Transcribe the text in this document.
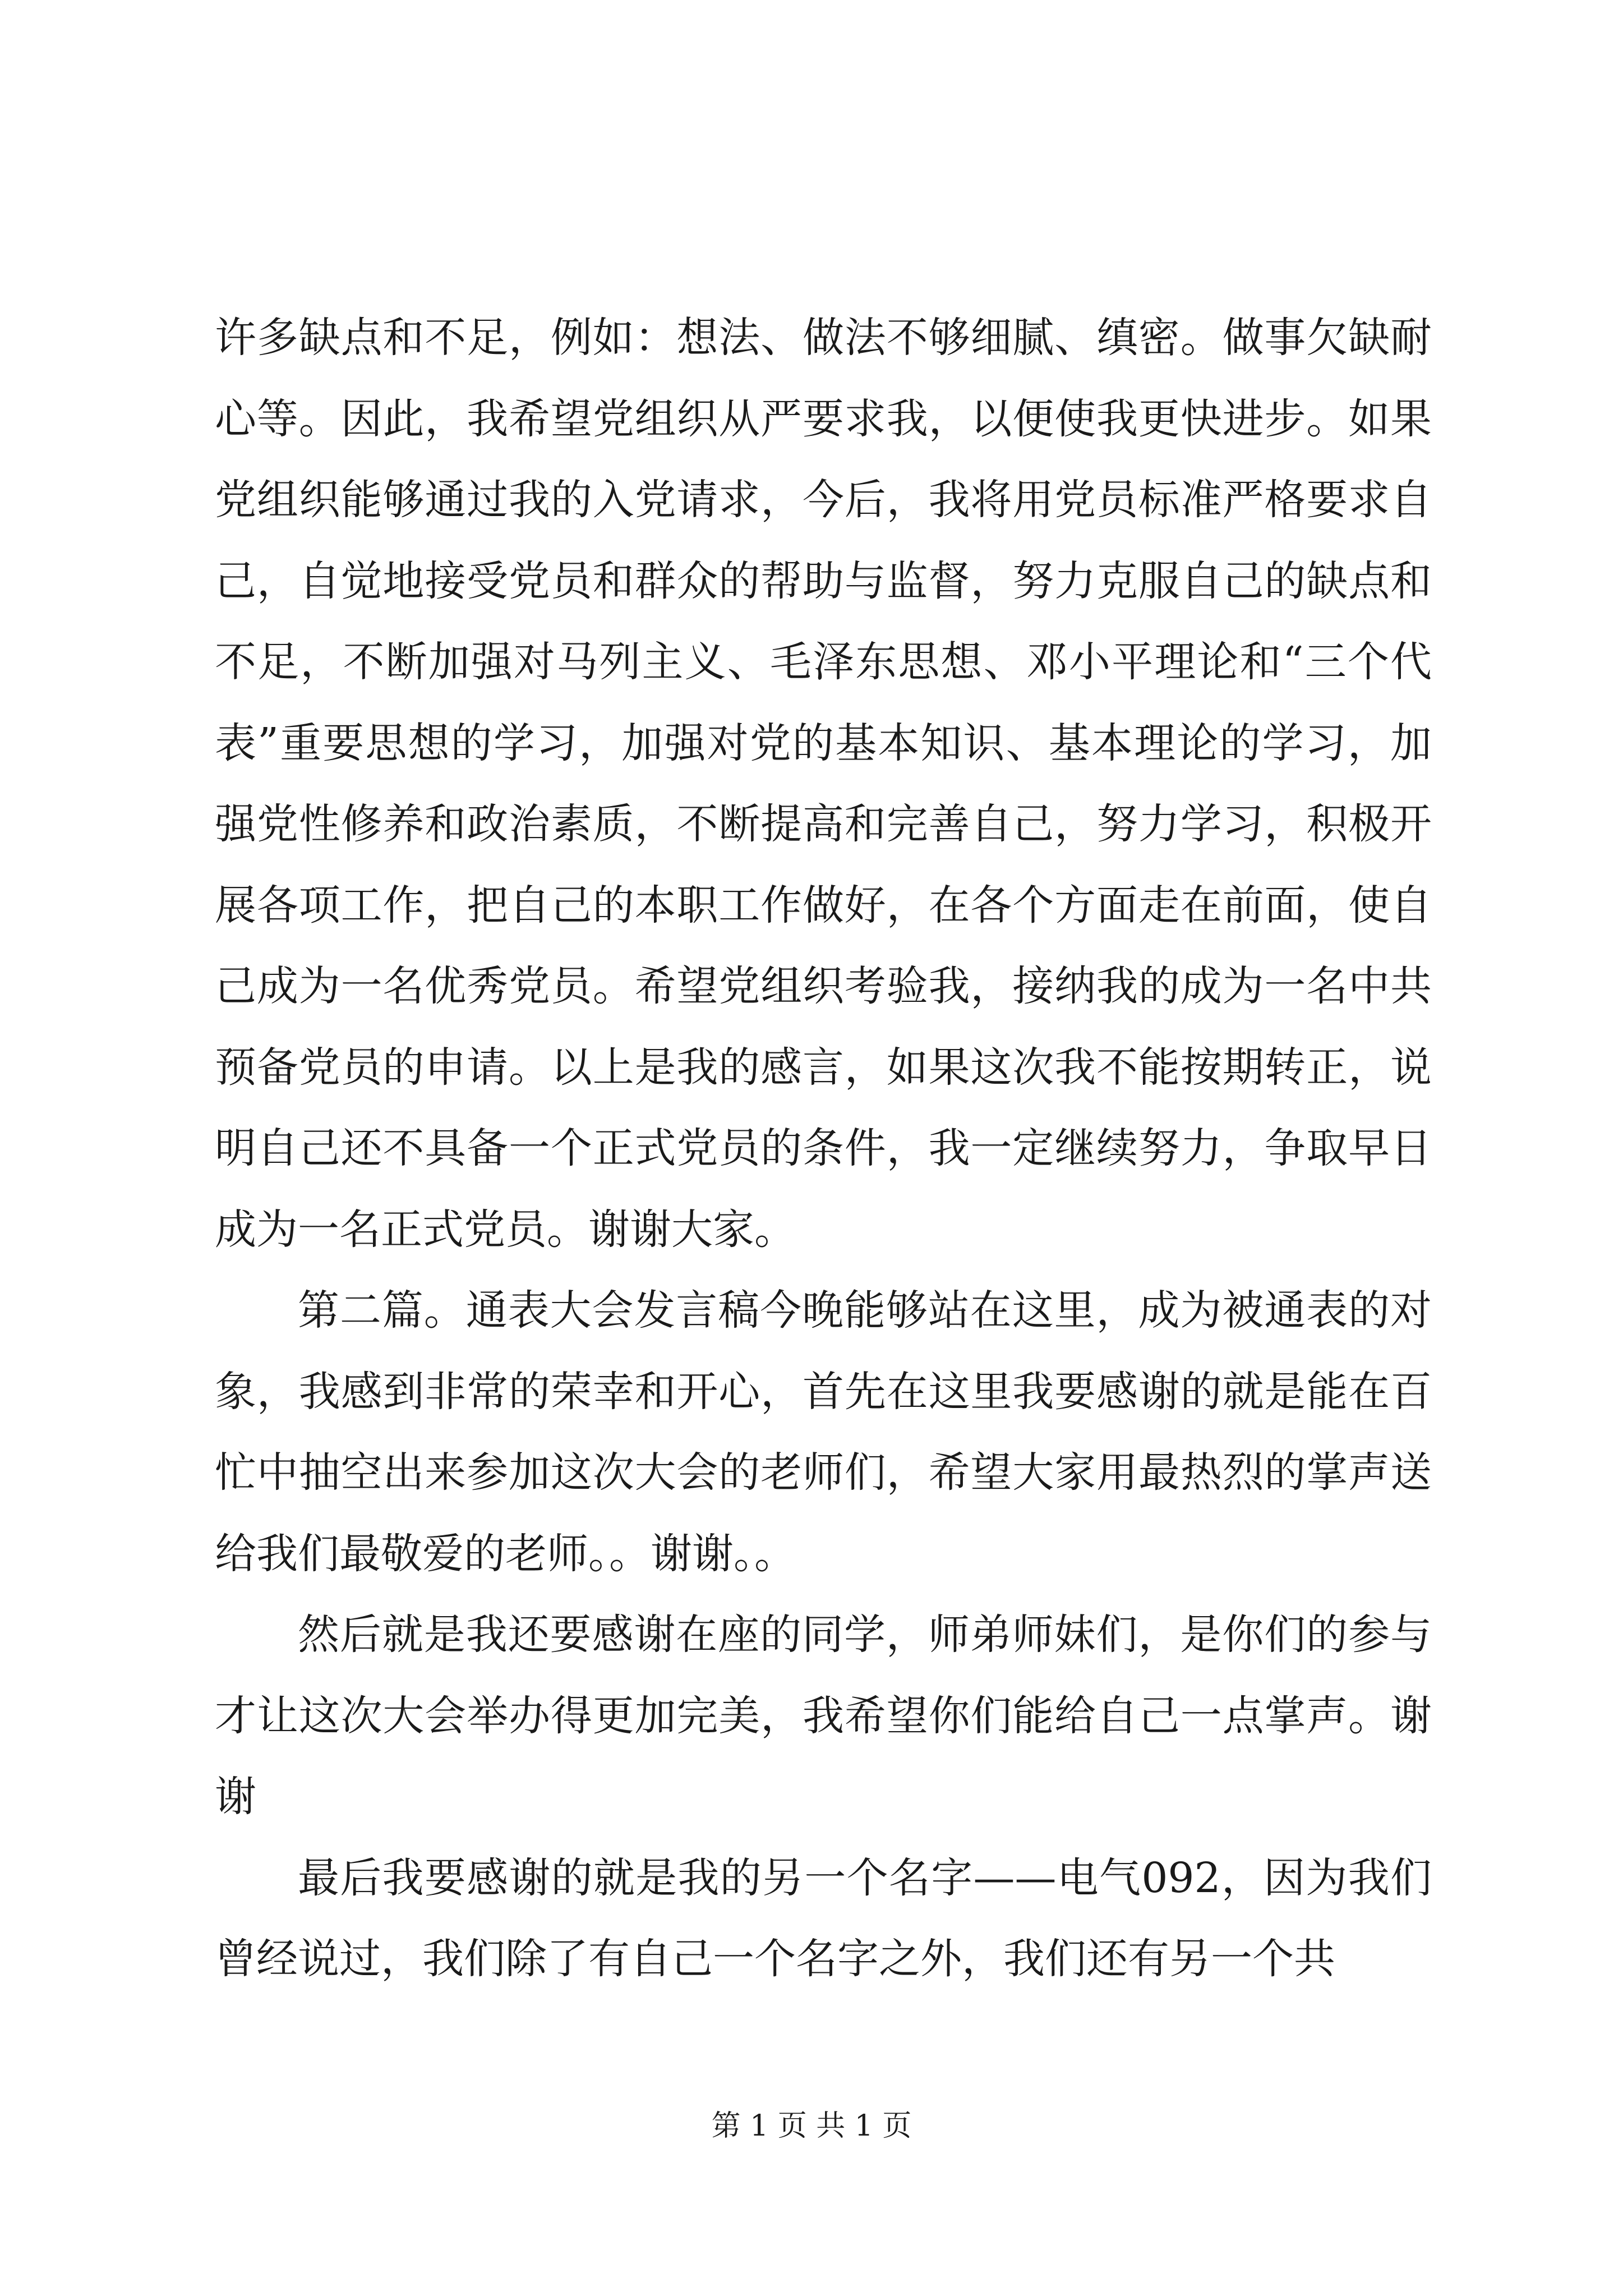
许多缺点和不足，例如：想法、做法不够细腻、缜密。做事欠缺耐心等。因此，我希望党组织从严要求我，以便使我更快进步。如果党组织能够通过我的入党请求，今后，我将用党员标准严格要求自己，自觉地接受党员和群众的帮助与监督，努力克服自己的缺点和不足，不断加强对马列主义、毛泽东思想、邓小平理论和“三个代表”重要思想的学习，加强对党的基本知识、基本理论的学习，加强党性修养和政治素质，不断提高和完善自己，努力学习，积极开展各项工作，把自己的本职工作做好，在各个方面走在前面，使自己成为一名优秀党员。希望党组织考验我，接纳我的成为一名中共预备党员的申请。以上是我的感言，如果这次我不能按期转正，说明自己还不具备一个正式党员的条件，我一定继续努力，争取早日成为一名正式党员。谢谢大家。

第二篇。通表大会发言稿今晚能够站在这里，成为被通表的对象，我感到非常的荣幸和开心，首先在这里我要感谢的就是能在百忙中抽空出来参加这次大会的老师们，希望大家用最热烈的掌声送给我们最敬爱的老师。。谢谢。。

然后就是我还要感谢在座的同学，师弟师妹们，是你们的参与才让这次大会举办得更加完美，我希望你们能给自己一点掌声。谢谢

最后我要感谢的就是我的另一个名字——电气092，因为我们曾经说过，我们除了有自己一个名字之外，我们还有另一个共

第 1 页 共 1 页
